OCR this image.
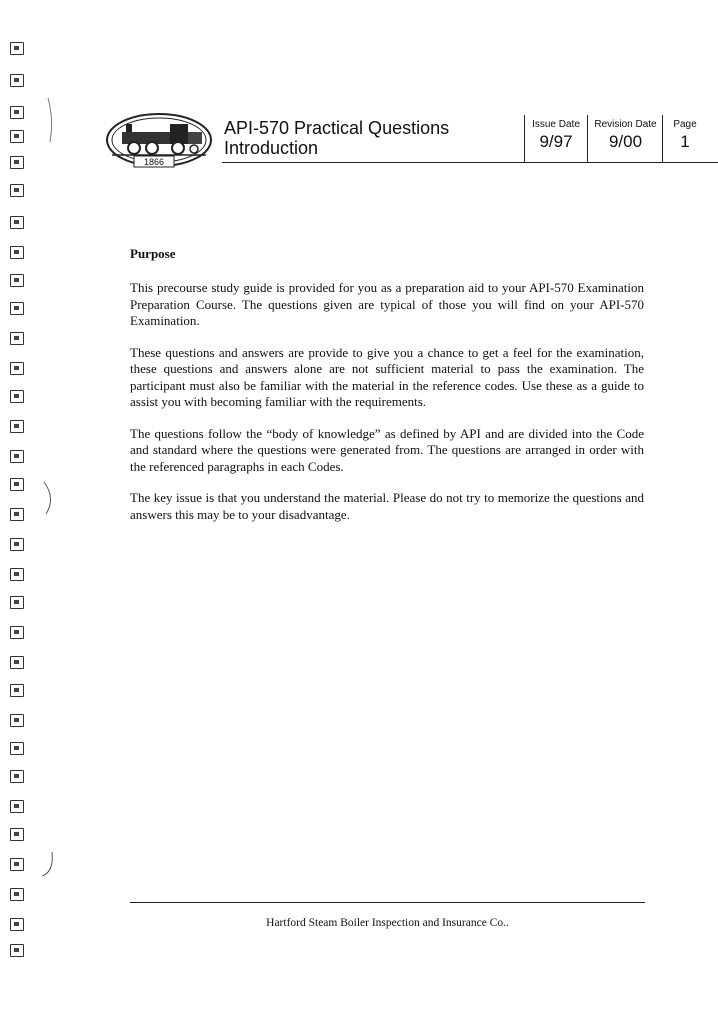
1866
API-570 Practical Questions
Introduction
Issue Date
9/97
Revision Date
9/00
Page
1

Purpose

This precourse study guide is provided for you as a preparation aid to your API-570 Examination Preparation Course. The questions given are typical of those you will find on your API-570 Examination.

These questions and answers are provide to give you a chance to get a feel for the examination, these questions and answers alone are not sufficient material to pass the examination. The participant must also be familiar with the material in the reference codes. Use these as a guide to assist you with becoming familiar with the requirements.

The questions follow the “body of knowledge” as defined by API and are divided into the Code and standard where the questions were generated from. The questions are arranged in order with the referenced paragraphs in each Codes.

The key issue is that you understand the material. Please do not try to memorize the questions and answers this may be to your disadvantage.

Hartford Steam Boiler Inspection and Insurance Co..
